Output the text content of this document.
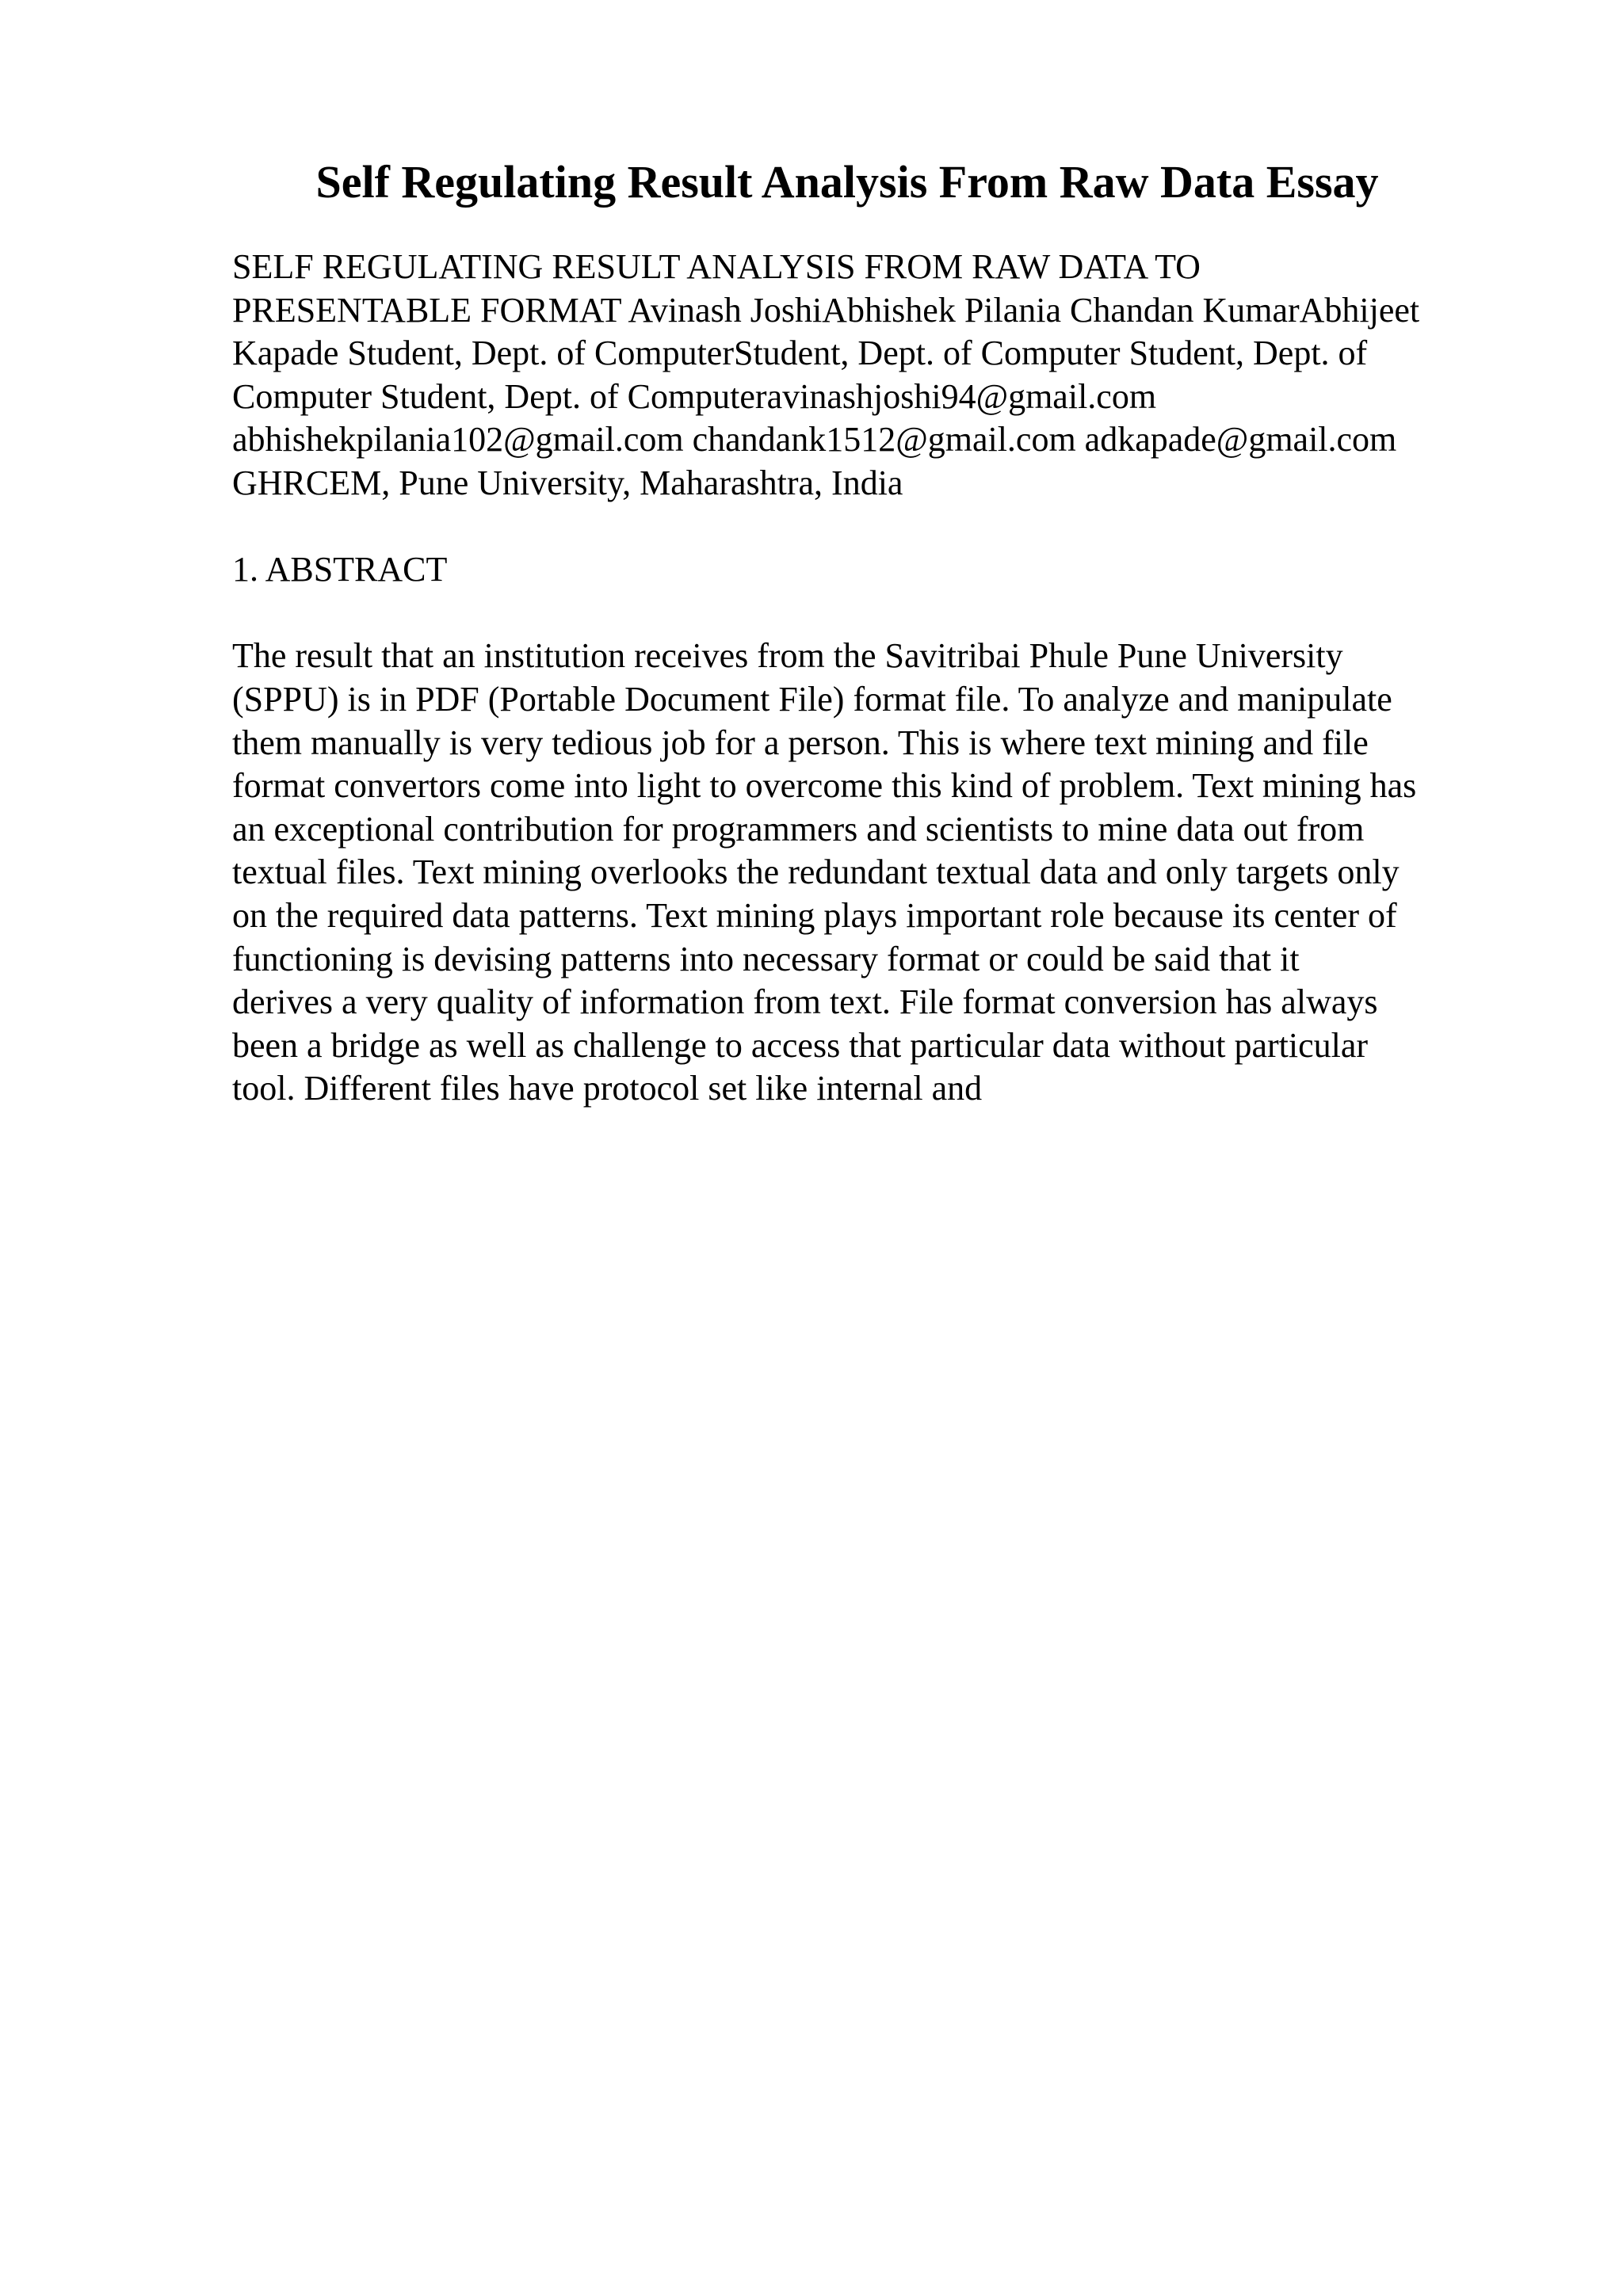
Self Regulating Result Analysis From Raw Data Essay

SELF REGULATING RESULT ANALYSIS FROM RAW DATA TO
PRESENTABLE FORMAT Avinash JoshiAbhishek Pilania Chandan KumarAbhijeet
Kapade Student, Dept. of ComputerStudent, Dept. of Computer Student, Dept. of
Computer Student, Dept. of Computeravinashjoshi94@gmail.com
abhishekpilania102@gmail.com chandank1512@gmail.com adkapade@gmail.com
GHRCEM, Pune University, Maharashtra, India

1. ABSTRACT

The result that an institution receives from the Savitribai Phule Pune University
(SPPU) is in PDF (Portable Document File) format file. To analyze and manipulate
them manually is very tedious job for a person. This is where text mining and file
format convertors come into light to overcome this kind of problem. Text mining has
an exceptional contribution for programmers and scientists to mine data out from
textual files. Text mining overlooks the redundant textual data and only targets only
on the required data patterns. Text mining plays important role because its center of
functioning is devising patterns into necessary format or could be said that it
derives a very quality of information from text. File format conversion has always
been a bridge as well as challenge to access that particular data without particular
tool. Different files have protocol set like internal and
